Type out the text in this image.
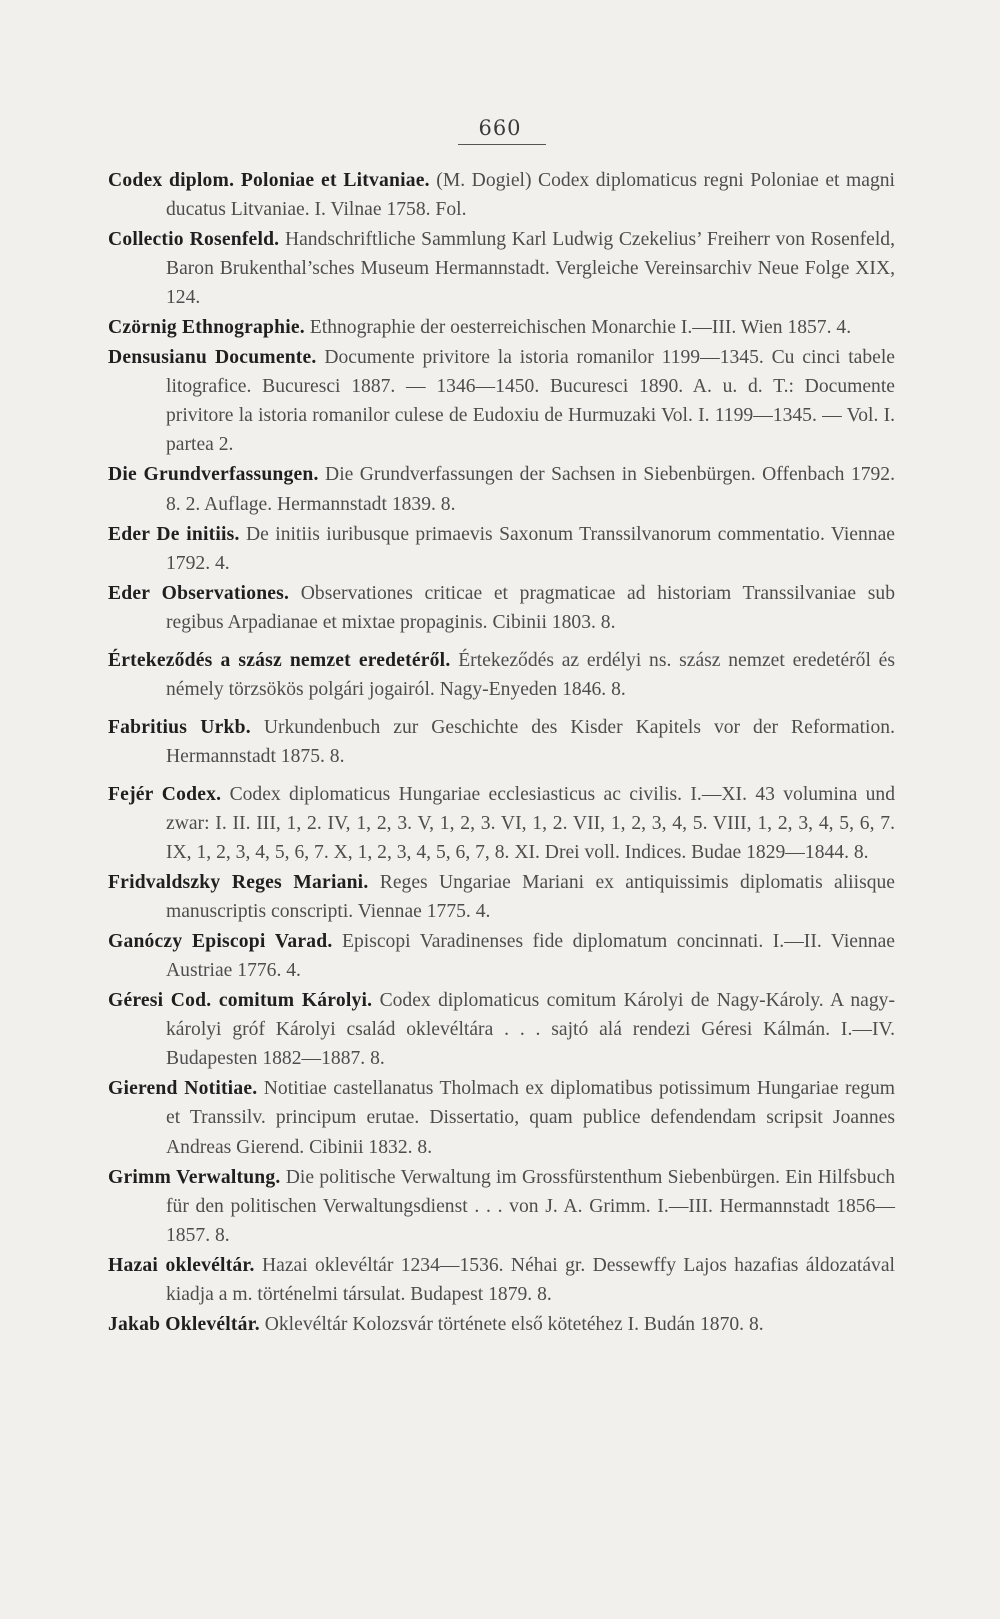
660

Codex diplom. Poloniae et Litvaniae. (M. Dogiel) Codex diplomaticus regni Poloniae et magni ducatus Litvaniae. I. Vilnae 1758. Fol.

Collectio Rosenfeld. Handschriftliche Sammlung Karl Ludwig Czekelius’ Freiherr von Rosenfeld, Baron Brukenthal’sches Museum Hermannstadt. Vergleiche Vereinsarchiv Neue Folge XIX, 124.

Czörnig Ethnographie. Ethnographie der oesterreichischen Monarchie I.—III. Wien 1857. 4.

Densusianu Documente. Documente privitore la istoria romanilor 1199—1345. Cu cinci tabele litografice. Bucuresci 1887. — 1346—1450. Bucuresci 1890. A. u. d. T.: Documente privitore la istoria romanilor culese de Eudoxiu de Hurmuzaki Vol. I. 1199—1345. — Vol. I. partea 2.

Die Grundverfassungen. Die Grundverfassungen der Sachsen in Siebenbürgen. Offenbach 1792. 8. 2. Auflage. Hermannstadt 1839. 8.

Eder De initiis. De initiis iuribusque primaevis Saxonum Transsilvanorum commentatio. Viennae 1792. 4.

Eder Observationes. Observationes criticae et pragmaticae ad historiam Transsilvaniae sub regibus Arpadianae et mixtae propaginis. Cibinii 1803. 8.

Értekeződés a szász nemzet eredetéről. Értekeződés az erdélyi ns. szász nemzet eredetéről és némely törzsökös polgári jogairól. Nagy-Enyeden 1846. 8.

Fabritius Urkb. Urkundenbuch zur Geschichte des Kisder Kapitels vor der Reformation. Hermannstadt 1875. 8.

Fejér Codex. Codex diplomaticus Hungariae ecclesiasticus ac civilis. I.—XI. 43 volumina und zwar: I. II. III, 1, 2. IV, 1, 2, 3. V, 1, 2, 3. VI, 1, 2. VII, 1, 2, 3, 4, 5. VIII, 1, 2, 3, 4, 5, 6, 7. IX, 1, 2, 3, 4, 5, 6, 7. X, 1, 2, 3, 4, 5, 6, 7, 8. XI. Drei voll. Indices. Budae 1829—1844. 8.

Fridvaldszky Reges Mariani. Reges Ungariae Mariani ex antiquissimis diplomatis aliisque manuscriptis conscripti. Viennae 1775. 4.

Ganóczy Episcopi Varad. Episcopi Varadinenses fide diplomatum concinnati. I.—II. Viennae Austriae 1776. 4.

Géresi Cod. comitum Károlyi. Codex diplomaticus comitum Károlyi de Nagy-Károly. A nagy-károlyi gróf Károlyi család oklevéltára . . . sajtó alá rendezi Géresi Kálmán. I.—IV. Budapesten 1882—1887. 8.

Gierend Notitiae. Notitiae castellanatus Tholmach ex diplomatibus potissimum Hungariae regum et Transsilv. principum erutae. Dissertatio, quam publice defendendam scripsit Joannes Andreas Gierend. Cibinii 1832. 8.

Grimm Verwaltung. Die politische Verwaltung im Grossfürstenthum Siebenbürgen. Ein Hilfsbuch für den politischen Verwaltungsdienst . . . von J. A. Grimm. I.—III. Hermannstadt 1856—1857. 8.

Hazai oklevéltár. Hazai oklevéltár 1234—1536. Néhai gr. Dessewffy Lajos hazafias áldozatával kiadja a m. történelmi társulat. Budapest 1879. 8.

Jakab Oklevéltár. Oklevéltár Kolozsvár története első kötetéhez I. Budán 1870. 8.
